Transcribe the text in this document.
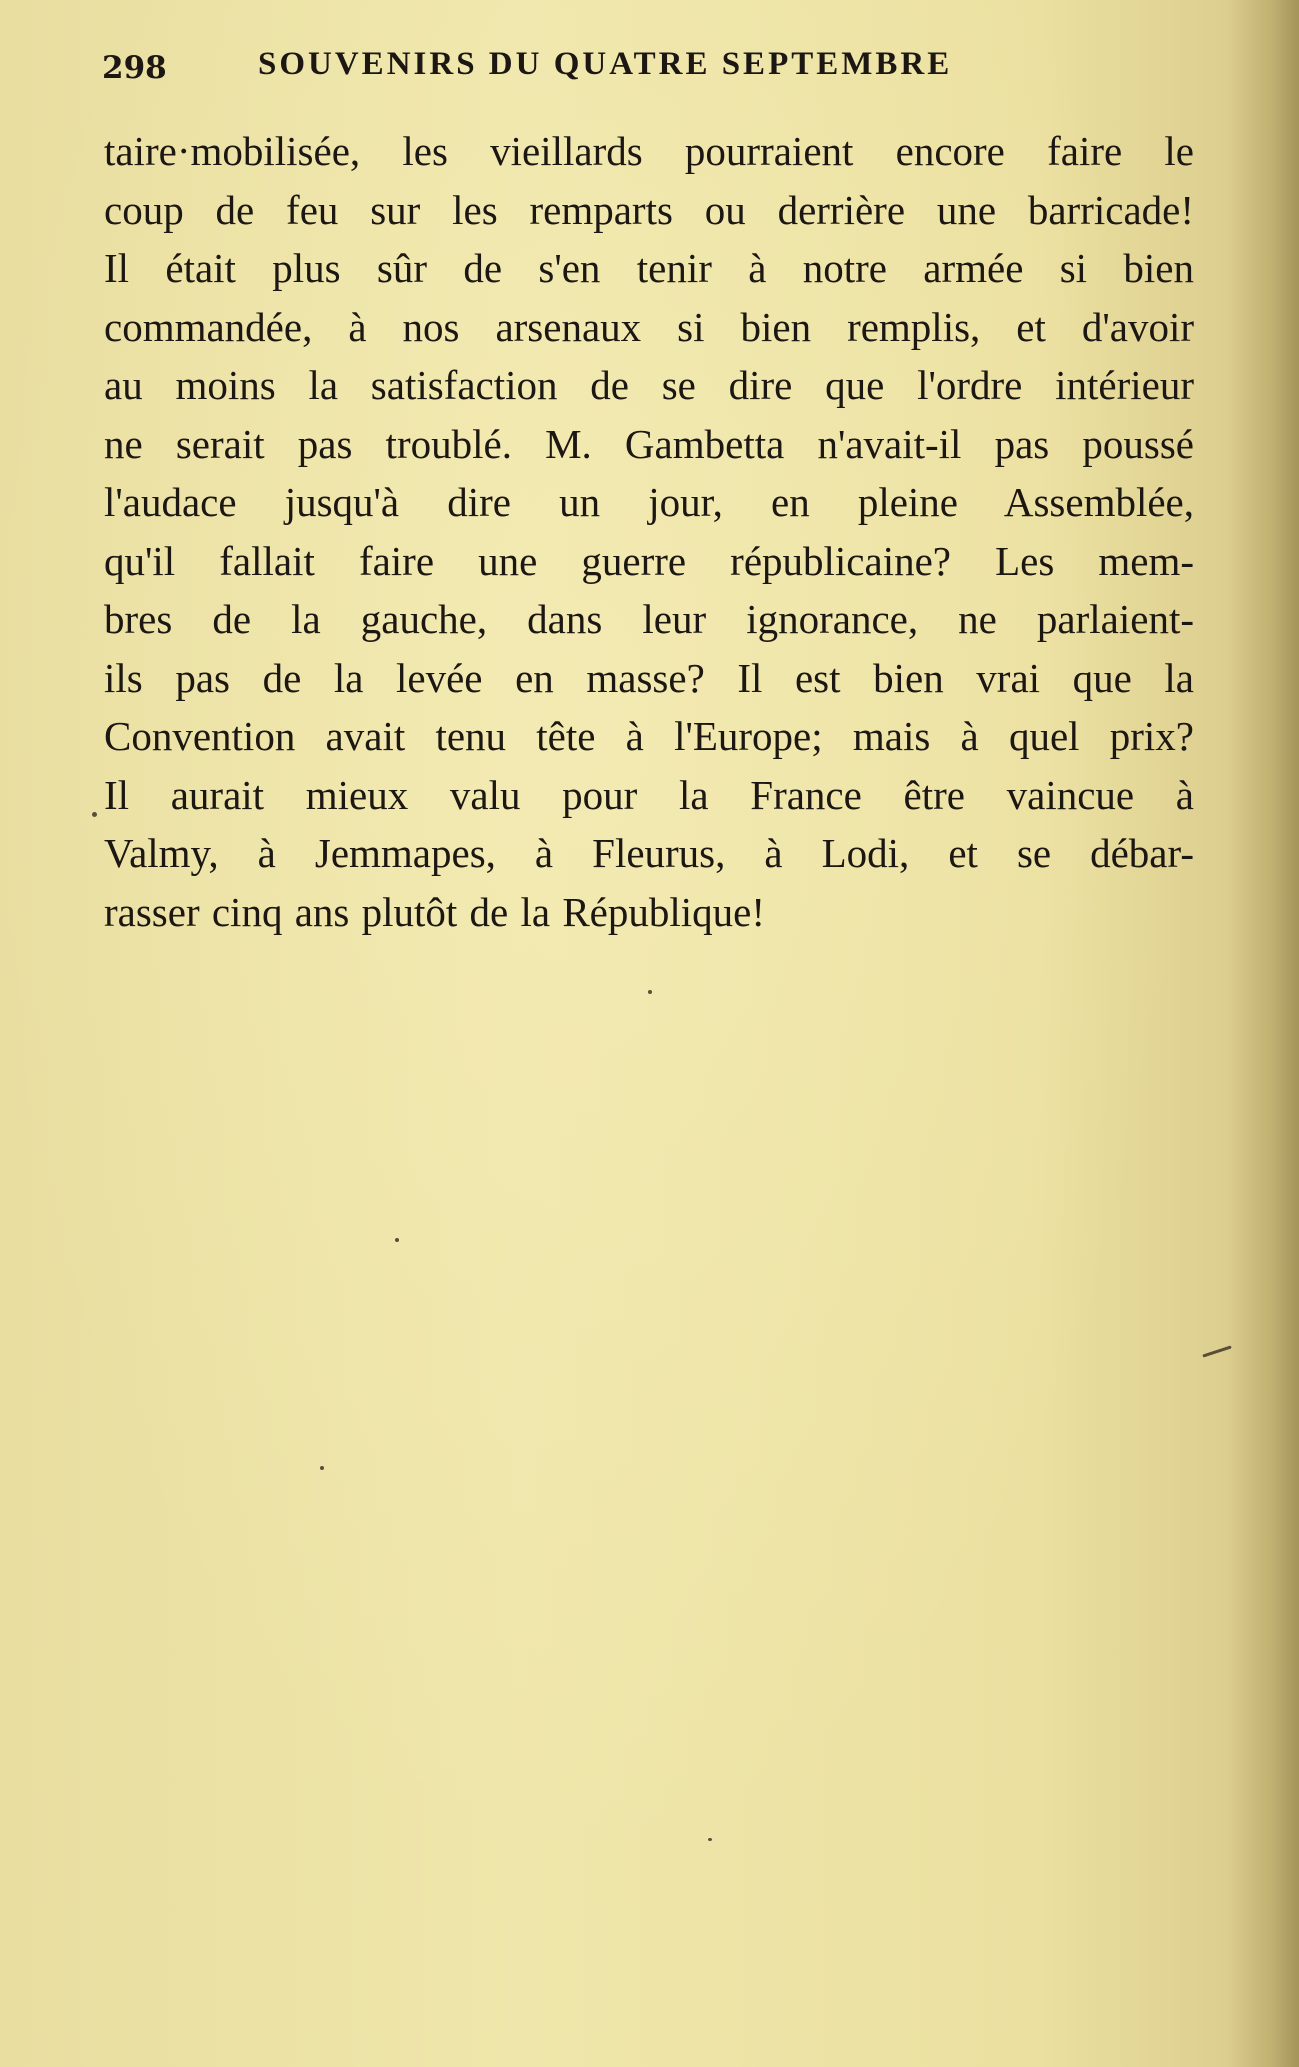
298	SOUVENIRS DU QUATRE SEPTEMBRE
taire·mobilisée, les vieillards pourraient encore faire le
coup de feu sur les remparts ou derrière une barricade!
Il était plus sûr de s'en tenir à notre armée si bien
commandée, à nos arsenaux si bien remplis, et d'avoir
au moins la satisfaction de se dire que l'ordre intérieur
ne serait pas troublé. M. Gambetta n'avait-il pas poussé
l'audace jusqu'à dire un jour, en pleine Assemblée,
qu'il fallait faire une guerre républicaine? Les mem-
bres de la gauche, dans leur ignorance, ne parlaient-
ils pas de la levée en masse? Il est bien vrai que la
Convention avait tenu tête à l'Europe; mais à quel prix?
Il aurait mieux valu pour la France être vaincue à
Valmy, à Jemmapes, à Fleurus, à Lodi, et se débar-
rasser cinq ans plutôt de la République!
